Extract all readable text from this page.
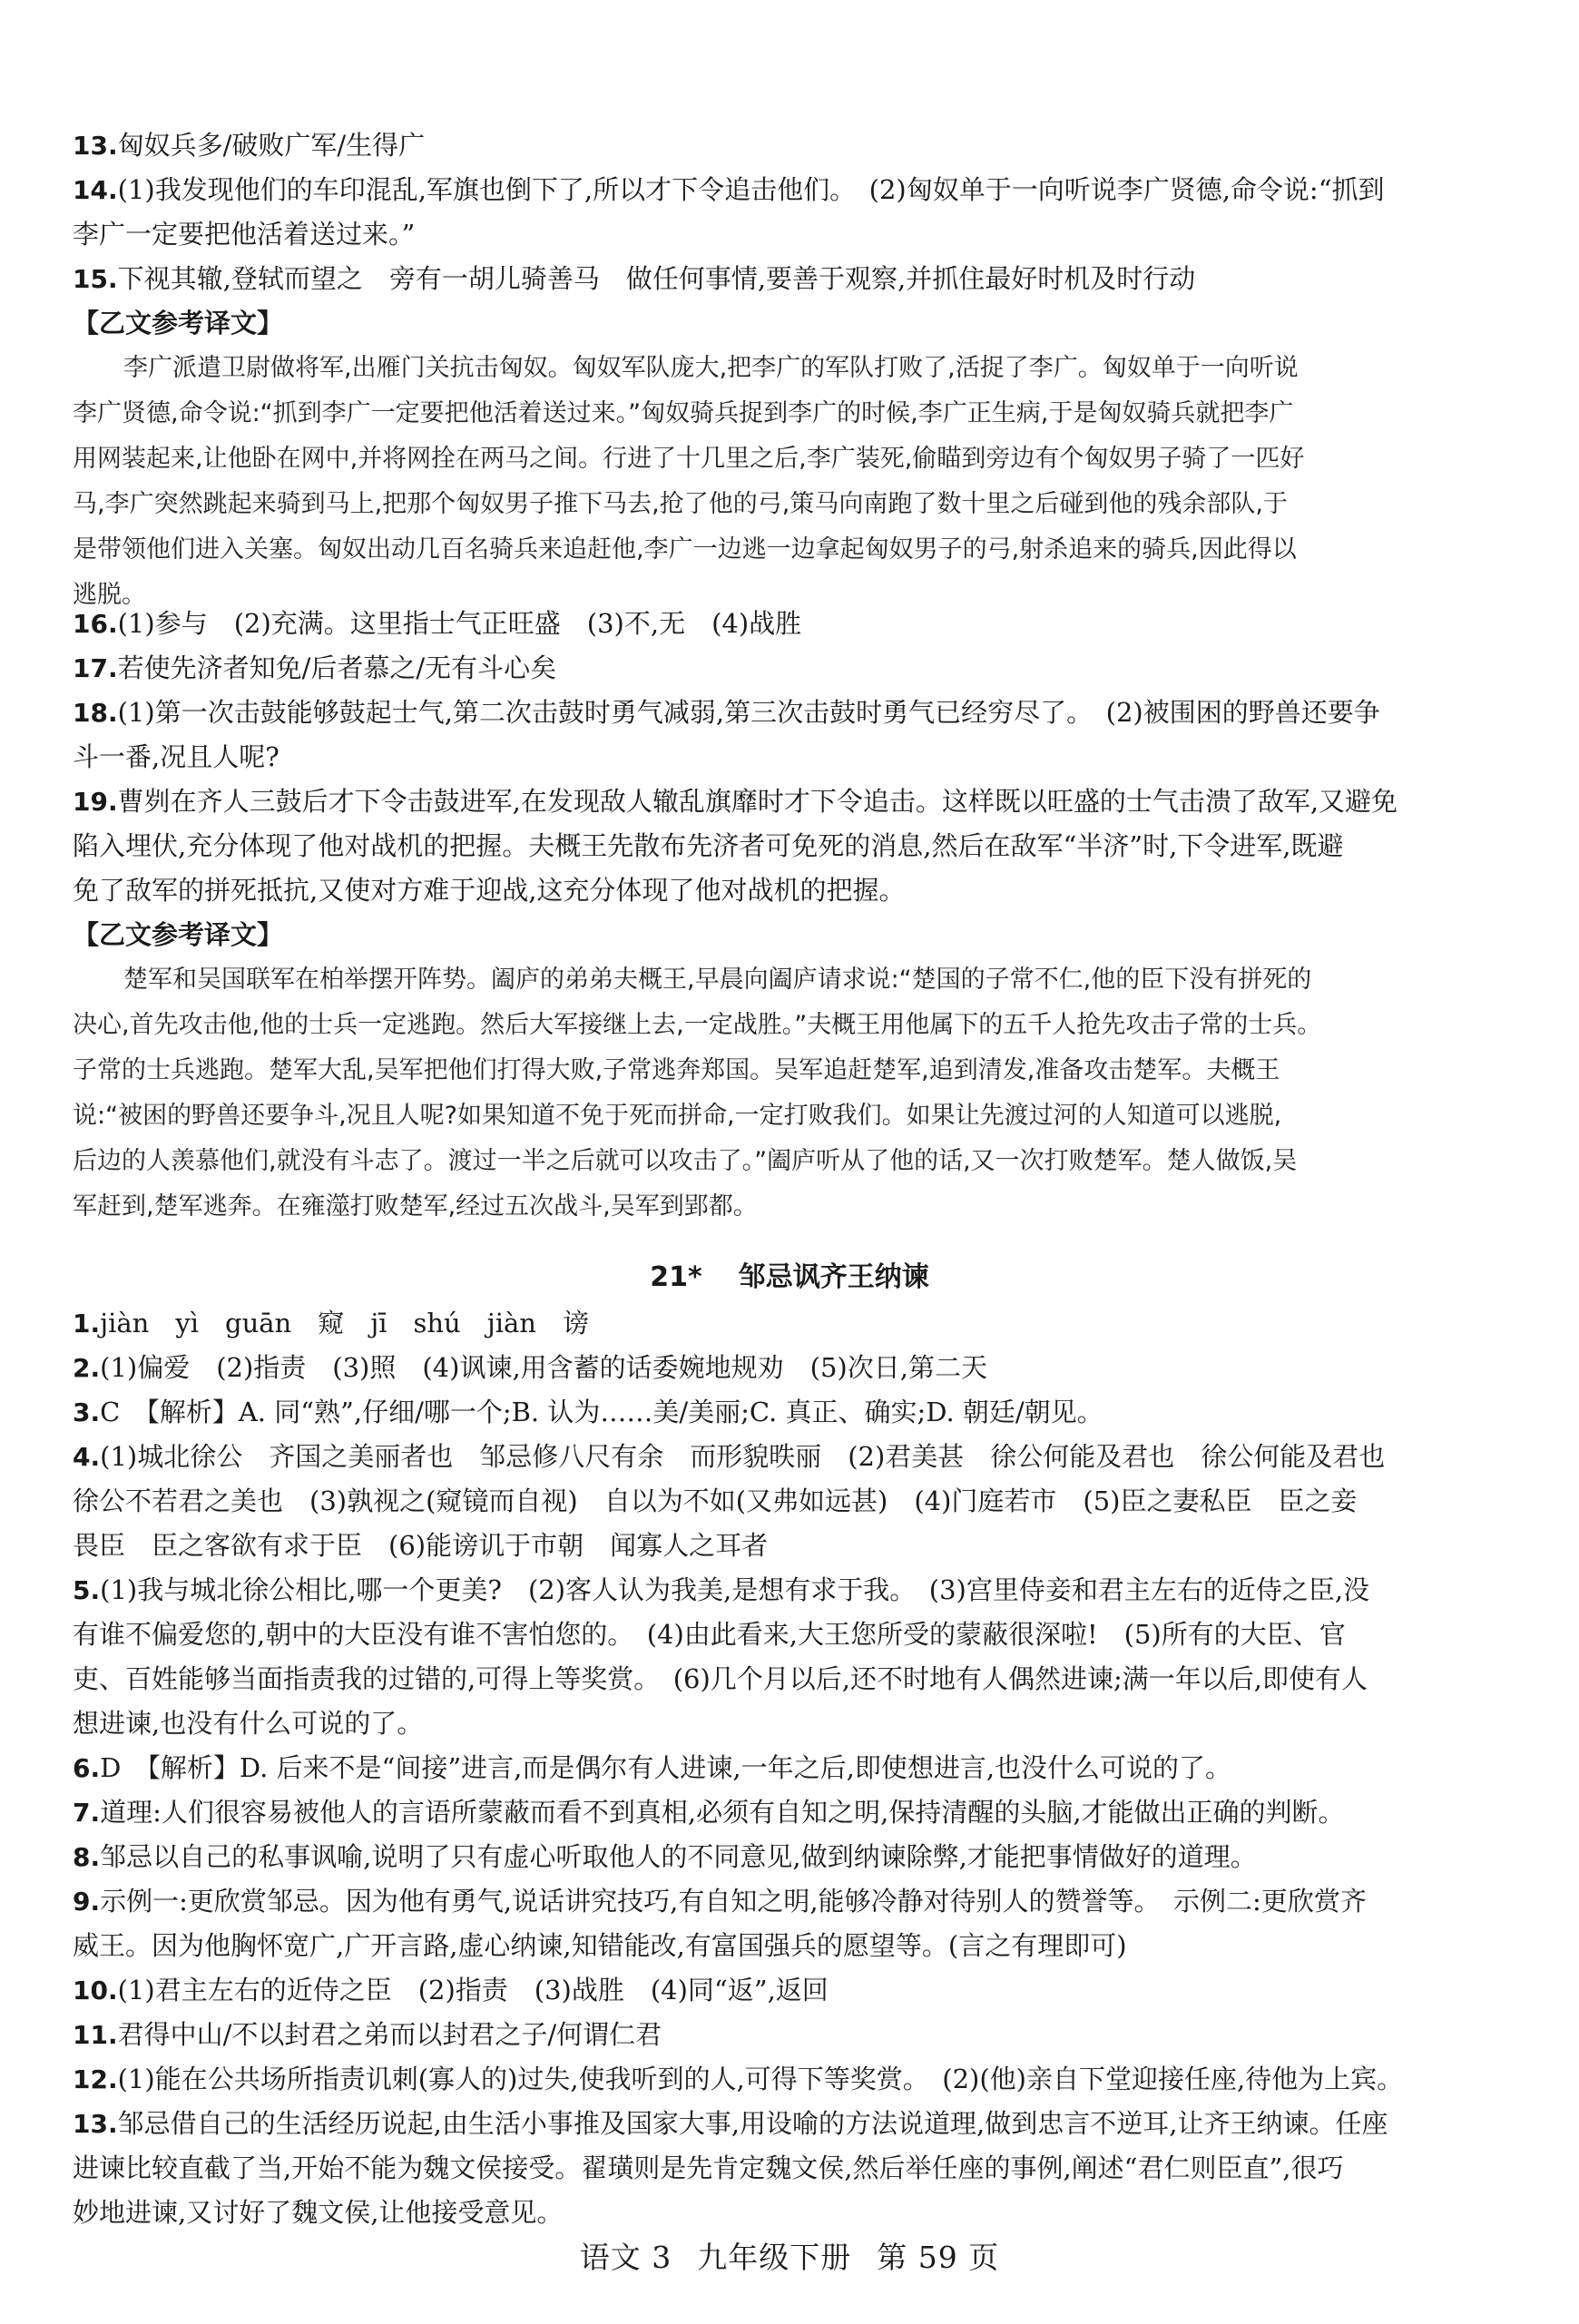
13.匈奴兵多/破败广军/生得广
14.(1)我发现他们的车印混乱,军旗也倒下了,所以才下令追击他们。　(2)匈奴单于一向听说李广贤德,命令说:“抓到
李广一定要把他活着送过来。”
15.下视其辙,登轼而望之　旁有一胡儿骑善马　做任何事情,要善于观察,并抓住最好时机及时行动
【乙文参考译文】
李广派遣卫尉做将军,出雁门关抗击匈奴。匈奴军队庞大,把李广的军队打败了,活捉了李广。匈奴单于一向听说
李广贤德,命令说:“抓到李广一定要把他活着送过来。”匈奴骑兵捉到李广的时候,李广正生病,于是匈奴骑兵就把李广
用网装起来,让他卧在网中,并将网拴在两马之间。行进了十几里之后,李广装死,偷瞄到旁边有个匈奴男子骑了一匹好
马,李广突然跳起来骑到马上,把那个匈奴男子推下马去,抢了他的弓,策马向南跑了数十里之后碰到他的残余部队,于
是带领他们进入关塞。匈奴出动几百名骑兵来追赶他,李广一边逃一边拿起匈奴男子的弓,射杀追来的骑兵,因此得以
逃脱。
16.(1)参与　(2)充满。这里指士气正旺盛　(3)不,无　(4)战胜
17.若使先济者知免/后者慕之/无有斗心矣
18.(1)第一次击鼓能够鼓起士气,第二次击鼓时勇气减弱,第三次击鼓时勇气已经穷尽了。　(2)被围困的野兽还要争
斗一番,况且人呢?
19.曹刿在齐人三鼓后才下令击鼓进军,在发现敌人辙乱旗靡时才下令追击。这样既以旺盛的士气击溃了敌军,又避免
陷入埋伏,充分体现了他对战机的把握。夫概王先散布先济者可免死的消息,然后在敌军“半济”时,下令进军,既避
免了敌军的拼死抵抗,又使对方难于迎战,这充分体现了他对战机的把握。
【乙文参考译文】
楚军和吴国联军在柏举摆开阵势。阖庐的弟弟夫概王,早晨向阖庐请求说:“楚国的子常不仁,他的臣下没有拼死的
决心,首先攻击他,他的士兵一定逃跑。然后大军接继上去,一定战胜。”夫概王用他属下的五千人抢先攻击子常的士兵。
子常的士兵逃跑。楚军大乱,吴军把他们打得大败,子常逃奔郑国。吴军追赶楚军,追到清发,准备攻击楚军。夫概王
说:“被困的野兽还要争斗,况且人呢?如果知道不免于死而拼命,一定打败我们。如果让先渡过河的人知道可以逃脱,
后边的人羡慕他们,就没有斗志了。渡过一半之后就可以攻击了。”阖庐听从了他的话,又一次打败楚军。楚人做饭,吴
军赶到,楚军逃奔。在雍澨打败楚军,经过五次战斗,吴军到郢都。
21* 邹忌讽齐王纳谏
1.jiàn　yì　guān　窥　jī　shú　jiàn　谤
2.(1)偏爱　(2)指责　(3)照　(4)讽谏,用含蓄的话委婉地规劝　(5)次日,第二天
3.C　【解析】A. 同“熟”,仔细/哪一个;B. 认为……美/美丽;C. 真正、确实;D. 朝廷/朝见。
4.(1)城北徐公　齐国之美丽者也　邹忌修八尺有余　而形貌昳丽　(2)君美甚　徐公何能及君也　徐公何能及君也
徐公不若君之美也　(3)孰视之(窥镜而自视)　自以为不如(又弗如远甚)　(4)门庭若市　(5)臣之妻私臣　臣之妾
畏臣　臣之客欲有求于臣　(6)能谤讥于市朝　闻寡人之耳者
5.(1)我与城北徐公相比,哪一个更美?　(2)客人认为我美,是想有求于我。　(3)宫里侍妾和君主左右的近侍之臣,没
有谁不偏爱您的,朝中的大臣没有谁不害怕您的。　(4)由此看来,大王您所受的蒙蔽很深啦!　(5)所有的大臣、官
吏、百姓能够当面指责我的过错的,可得上等奖赏。　(6)几个月以后,还不时地有人偶然进谏;满一年以后,即使有人
想进谏,也没有什么可说的了。
6.D　【解析】D. 后来不是“间接”进言,而是偶尔有人进谏,一年之后,即使想进言,也没什么可说的了。
7.道理:人们很容易被他人的言语所蒙蔽而看不到真相,必须有自知之明,保持清醒的头脑,才能做出正确的判断。
8.邹忌以自己的私事讽喻,说明了只有虚心听取他人的不同意见,做到纳谏除弊,才能把事情做好的道理。
9.示例一:更欣赏邹忌。因为他有勇气,说话讲究技巧,有自知之明,能够冷静对待别人的赞誉等。　示例二:更欣赏齐
威王。因为他胸怀宽广,广开言路,虚心纳谏,知错能改,有富国强兵的愿望等。(言之有理即可)
10.(1)君主左右的近侍之臣　(2)指责　(3)战胜　(4)同“返”,返回
11.君得中山/不以封君之弟而以封君之子/何谓仁君
12.(1)能在公共场所指责讥刺(寡人的)过失,使我听到的人,可得下等奖赏。　(2)(他)亲自下堂迎接任座,待他为上宾。
13.邹忌借自己的生活经历说起,由生活小事推及国家大事,用设喻的方法说道理,做到忠言不逆耳,让齐王纳谏。任座
进谏比较直截了当,开始不能为魏文侯接受。翟璜则是先肯定魏文侯,然后举任座的事例,阐述“君仁则臣直”,很巧
妙地进谏,又讨好了魏文侯,让他接受意见。
语文 3 九年级下册 第 59 页
